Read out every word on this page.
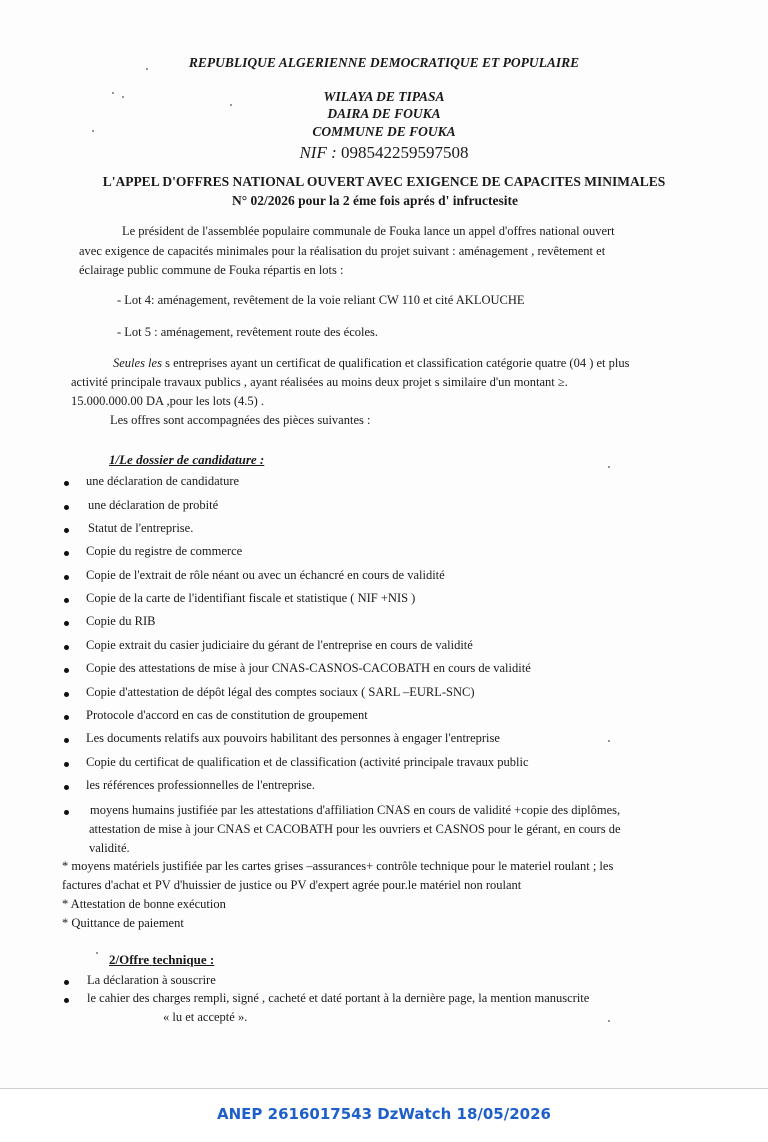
REPUBLIQUE ALGERIENNE DEMOCRATIQUE ET POPULAIRE
WILAYA DE TIPASA
DAIRA DE FOUKA
COMMUNE DE FOUKA
NIF : 098542259597508
L'APPEL D'OFFRES NATIONAL OUVERT AVEC EXIGENCE DE CAPACITES MINIMALES
N° 02/2026 pour la 2 éme fois aprés d' infructesite
Le président de l'assemblée populaire communale de Fouka lance un appel d'offres national ouvert
avec exigence de capacités minimales pour la réalisation du projet suivant : aménagement , revêtement et
éclairage public commune de Fouka répartis en lots :
- Lot 4: aménagement, revêtement de la voie reliant CW 110 et cité AKLOUCHE
- Lot 5 : aménagement, revêtement route des écoles.
Seules les s entreprises ayant un certificat de qualification et classification catégorie quatre (04 ) et plus
activité principale travaux publics , ayant réalisées au moins deux projet s similaire d'un montant ≥.
15.000.000.00 DA ,pour les lots (4.5) .
Les offres sont accompagnées des pièces suivantes :
1/Le dossier de candidature :
une déclaration de candidature
une déclaration de probité
Statut de l'entreprise.
Copie du registre de commerce
Copie de l'extrait de rôle néant ou avec un échancré en cours de validité
Copie de la carte de l'identifiant fiscale et statistique ( NIF +NIS )
Copie du RIB
Copie extrait du casier judiciaire du gérant de l'entreprise en cours de validité
Copie des attestations de mise à jour CNAS-CASNOS-CACOBATH en cours de validité
Copie d'attestation de dépôt légal des comptes sociaux ( SARL –EURL-SNC)
Protocole d'accord en cas de constitution de groupement
Les documents relatifs aux pouvoirs habilitant des personnes à engager l'entreprise
Copie du certificat de qualification et de classification (activité principale travaux public
les références professionnelles de l'entreprise.
moyens humains justifiée par les attestations d'affiliation CNAS en cours de validité +copie des diplômes,
attestation de mise à jour CNAS et CACOBATH pour les ouvriers et CASNOS pour le gérant, en cours de
validité.
* moyens matériels justifiée par les cartes grises –assurances+ contrôle technique pour le materiel roulant ; les
factures d'achat et PV d'huissier de justice ou PV d'expert agrée pour.le matériel non roulant
* Attestation de bonne exécution
* Quittance de paiement
2/Offre technique :
La déclaration à souscrire
le cahier des charges rempli, signé , cacheté et daté portant à la dernière page, la mention manuscrite
« lu et accepté ».
ANEP 2616017543 DzWatch 18/05/2026
